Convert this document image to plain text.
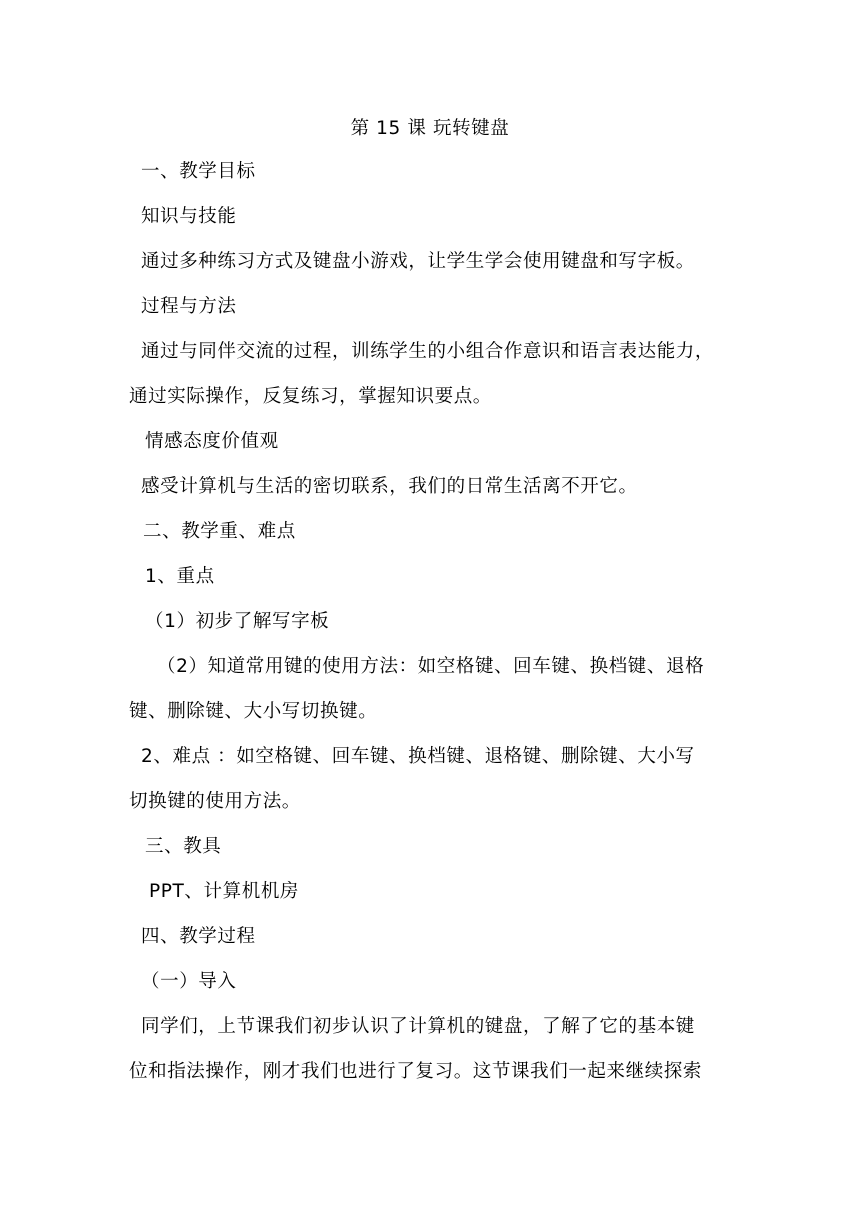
第 15 课 玩转键盘
一、教学目标
知识与技能
通过多种练习方式及键盘小游戏，让学生学会使用键盘和写字板。
过程与方法
通过与同伴交流的过程，训练学生的小组合作意识和语言表达能力，
通过实际操作，反复练习，掌握知识要点。
情感态度价值观
感受计算机与生活的密切联系，我们的日常生活离不开它。
二、教学重、难点
1、重点
（1）初步了解写字板
（2）知道常用键的使用方法：如空格键、回车键、换档键、退格
键、删除键、大小写切换键。
2、难点 ：如空格键、回车键、换档键、退格键、删除键、大小写
切换键的使用方法。
三、教具
PPT、计算机机房
四、教学过程
（一）导入
同学们，上节课我们初步认识了计算机的键盘，了解了它的基本键
位和指法操作，刚才我们也进行了复习。这节课我们一起来继续探索
